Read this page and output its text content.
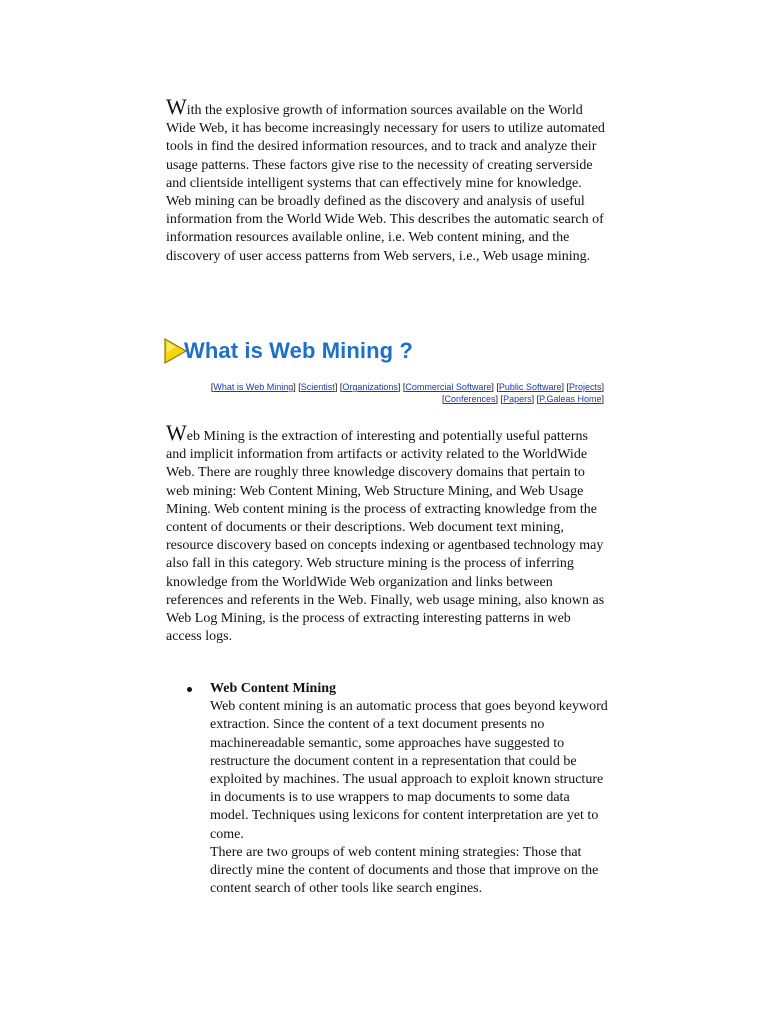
With the explosive growth of information sources available on the World Wide Web, it has become increasingly necessary for users to utilize automated tools in find the desired information resources, and to track and analyze their usage patterns. These factors give rise to the necessity of creating serverside and clientside intelligent systems that can effectively mine for knowledge. Web mining can be broadly defined as the discovery and analysis of useful information from the World Wide Web. This describes the automatic search of information resources available online, i.e. Web content mining, and the discovery of user access patterns from Web servers, i.e., Web usage mining.

What is Web Mining ?
[What is Web Mining] [Scientist] [Organizations] [Commercial Software] [Public Software] [Projects]
[Conferences] [Papers] [P.Galeas Home]

Web Mining is the extraction of interesting and potentially useful patterns and implicit information from artifacts or activity related to the WorldWide Web. There are roughly three knowledge discovery domains that pertain to web mining: Web Content Mining, Web Structure Mining, and Web Usage Mining. Web content mining is the process of extracting knowledge from the content of documents or their descriptions. Web document text mining, resource discovery based on concepts indexing or agentbased technology may also fall in this category. Web structure mining is the process of inferring knowledge from the WorldWide Web organization and links between references and referents in the Web. Finally, web usage mining, also known as Web Log Mining, is the process of extracting interesting patterns in web access logs.

Web Content Mining
Web content mining is an automatic process that goes beyond keyword extraction. Since the content of a text document presents no machinereadable semantic, some approaches have suggested to restructure the document content in a representation that could be exploited by machines. The usual approach to exploit known structure in documents is to use wrappers to map documents to some data model. Techniques using lexicons for content interpretation are yet to come.
There are two groups of web content mining strategies: Those that directly mine the content of documents and those that improve on the content search of other tools like search engines.
